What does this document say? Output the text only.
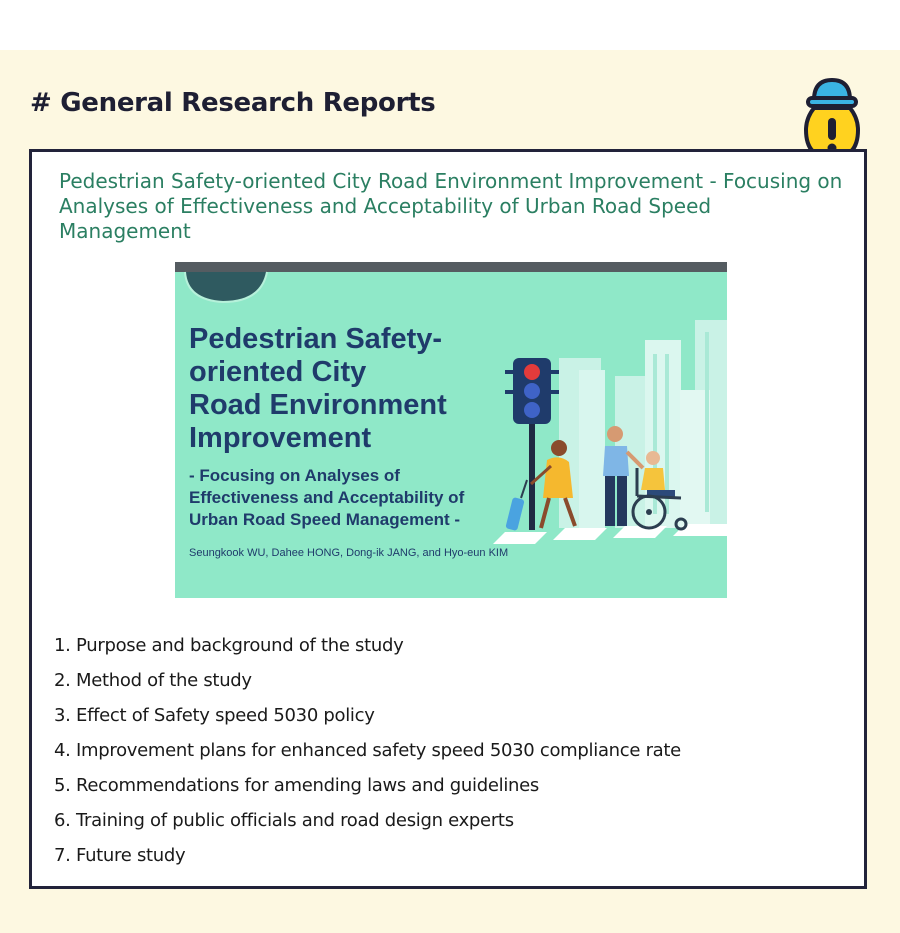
# General Research Reports
Pedestrian Safety-oriented City Road Environment Improvement - Focusing on Analyses of Effectiveness and Acceptability of Urban Road Speed Management
Pedestrian Safety-
oriented City
Road Environment
Improvement
- Focusing on Analyses of
Effectiveness and Acceptability of
Urban Road Speed Management -
Seungkook WU, Dahee HONG, Dong-ik JANG, and Hyo-eun KIM
1. Purpose and background of the study
2. Method of the study
3. Effect of Safety speed 5030 policy
4. Improvement plans for enhanced safety speed 5030 compliance rate
5. Recommendations for amending laws and guidelines
6. Training of public officials and road design experts
7. Future study
